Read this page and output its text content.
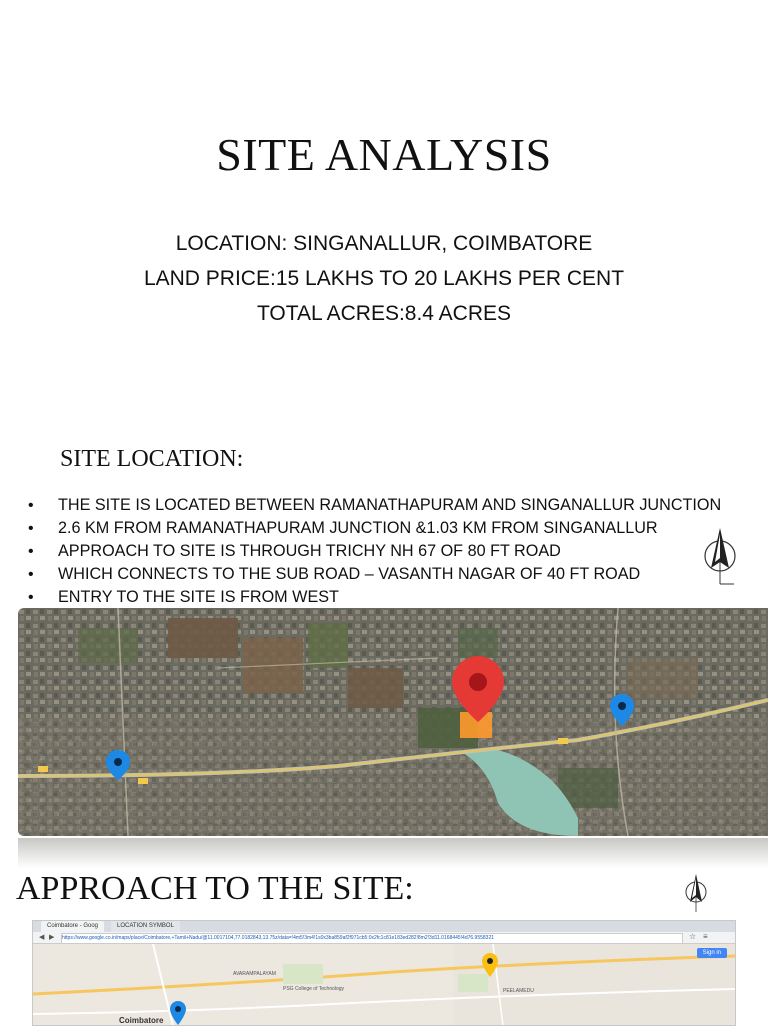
SITE ANALYSIS
LOCATION: SINGANALLUR, COIMBATORE
LAND PRICE:15 LAKHS TO 20 LAKHS PER CENT
TOTAL ACRES:8.4 ACRES
SITE LOCATION:
• THE SITE IS LOCATED BETWEEN RAMANATHAPURAM AND SINGANALLUR JUNCTION
• 2.6 KM FROM RAMANATHAPURAM JUNCTION &1.03 KM FROM SINGANALLUR
• APPROACH TO SITE IS THROUGH TRICHY NH 67 OF 80 FT ROAD
• WHICH CONNECTS TO THE SUB ROAD – VASANTH NAGAR OF 40 FT ROAD
• ENTRY TO THE SITE IS FROM WEST
APPROACH TO THE SITE:
Coimbatore - Goog	LOCATION SYMBOL
◀ ▶ https://www.google.co.in/maps/place/Coimbatore,+Tamil+Nadu/@11.0017104,77.0182843,13.75z/data=!4m5!3m4!1s0x3ba859af2f971cb5:0x2fc1c81e183ed282!8m2!3d11.0168445!4d76.9558321	☆ ≡
Sign in
AVARAMPALAYAM
PSG College of Technology	PEELAMEDU
Coimbatore
